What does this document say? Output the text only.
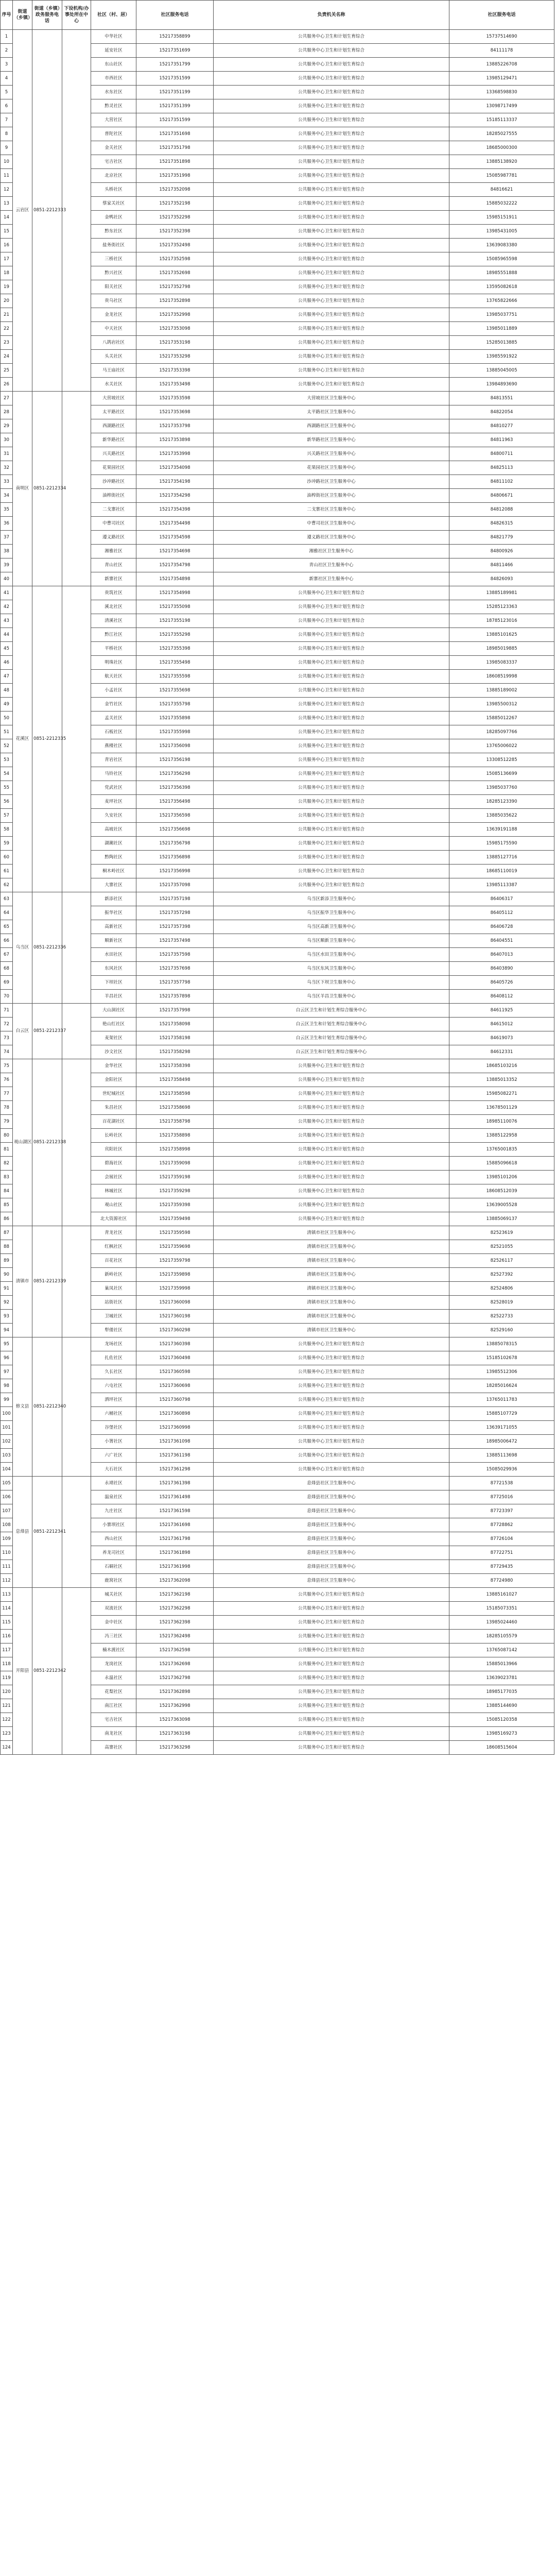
序号	街道（乡镇）	街道（乡镇）政务服务电话	下设机构/办事处所在中心	社区（村、居）	社区服务电话	负责机关名称	社区服务电话
1	云岩区	0851-2212333		中华社区	15217358899	公共服务中心卫生和计划生育综合	15737514690
2				延安社区	15217351699	公共服务中心卫生和计划生育综合	84111178
3				东山社区	15217351799	公共服务中心卫生和计划生育综合	13885226708
4				市西社区	15217351599	公共服务中心卫生和计划生育综合	13985129471
5				水东社区	15217351199	公共服务中心卫生和计划生育综合	13368598830
6				黔灵社区	15217351399	公共服务中心卫生和计划生育综合	13098717499
7				大营社区	15217351599	公共服务中心卫生和计划生育综合	15185113337
8				普陀社区	15217351698	公共服务中心卫生和计划生育综合	18285027555
9				金关社区	15217351798	公共服务中心卫生和计划生育综合	18685000300
10				宅吉社区	15217351898	公共服务中心卫生和计划生育综合	13885138920
11				北京社区	15217351998	公共服务中心卫生和计划生育综合	15085987781
12				头桥社区	15217352098	公共服务中心卫生和计划生育综合	84816621
13				蔡家关社区	15217352198	公共服务中心卫生和计划生育综合	15885032222
14				金鸭社区	15217352298	公共服务中心卫生和计划生育综合	15985151911
15				黔东社区	15217352398	公共服务中心卫生和计划生育综合	13985431005
16				盐务街社区	15217352498	公共服务中心卫生和计划生育综合	13639083380
17				三桥社区	15217352598	公共服务中心卫生和计划生育综合	15085965598
18				黔兴社区	15217352698	公共服务中心卫生和计划生育综合	18985551888
19				阳关社区	15217352798	公共服务中心卫生和计划生育综合	13595082618
20				贵乌社区	15217352898	公共服务中心卫生和计划生育综合	13765822666
21				金龙社区	15217352998	公共服务中心卫生和计划生育综合	13985037751
22				中天社区	15217353098	公共服务中心卫生和计划生育综合	13985011889
23				八鸽岩社区	15217353198	公共服务中心卫生和计划生育综合	15285013885
24				头关社区	15217353298	公共服务中心卫生和计划生育综合	13985591922
25				马王庙社区	15217353398	公共服务中心卫生和计划生育综合	13885045005
26				水关社区	15217353498	公共服务中心卫生和计划生育综合	13984893690
27	南明区	0851-2212334		大营坡社区	15217353598	大营坡社区卫生服务中心	84813551
28				太平路社区	15217353698	太平路社区卫生服务中心	84822054
29				西湖路社区	15217353798	西湖路社区卫生服务中心	84810277
30				新华路社区	15217353898	新华路社区卫生服务中心	84811963
31				兴关路社区	15217353998	兴关路社区卫生服务中心	84800711
32				花果园社区	15217354098	花果园社区卫生服务中心	84825113
33				沙冲路社区	15217354198	沙冲路社区卫生服务中心	84811102
34				油榨街社区	15217354298	油榨街社区卫生服务中心	84806671
35				二戈寨社区	15217354398	二戈寨社区卫生服务中心	84812088
36				中曹司社区	15217354498	中曹司社区卫生服务中心	84826315
37				遵义路社区	15217354598	遵义路社区卫生服务中心	84821779
38				湘雅社区	15217354698	湘雅社区卫生服务中心	84800926
39				青山社区	15217354798	青山社区卫生服务中心	84811466
40				新寨社区	15217354898	新寨社区卫生服务中心	84826093
41	花溪区	0851-2212335		贵筑社区	15217354998	公共服务中心卫生和计划生育综合	13885189981
42				溪北社区	15217355098	公共服务中心卫生和计划生育综合	15285123363
43				清溪社区	15217355198	公共服务中心卫生和计划生育综合	18785123016
44				黔江社区	15217355298	公共服务中心卫生和计划生育综合	13885101625
45				平桥社区	15217355398	公共服务中心卫生和计划生育综合	18985019885
46				明珠社区	15217355498	公共服务中心卫生和计划生育综合	13985083337
47				航天社区	15217355598	公共服务中心卫生和计划生育综合	18608519998
48				小孟社区	15217355698	公共服务中心卫生和计划生育综合	13885189002
49				金竹社区	15217355798	公共服务中心卫生和计划生育综合	13985500312
50				孟关社区	15217355898	公共服务中心卫生和计划生育综合	15885012267
51				石板社区	15217355998	公共服务中心卫生和计划生育综合	18285097766
52				燕楼社区	15217356098	公共服务中心卫生和计划生育综合	13765006022
53				青岩社区	15217356198	公共服务中心卫生和计划生育综合	13308512285
54				马铃社区	15217356298	公共服务中心卫生和计划生育综合	15085136699
55				党武社区	15217356398	公共服务中心卫生和计划生育综合	13985037760
56				麦坪社区	15217356498	公共服务中心卫生和计划生育综合	18285123390
57				久安社区	15217356598	公共服务中心卫生和计划生育综合	13885035622
58				高坡社区	15217356698	公共服务中心卫生和计划生育综合	13639191188
59				湖潮社区	15217356798	公共服务中心卫生和计划生育综合	15985175590
60				黔陶社区	15217356898	公共服务中心卫生和计划生育综合	13885127716
61				桐木岭社区	15217356998	公共服务中心卫生和计划生育综合	18685110019
62				大寨社区	15217357098	公共服务中心卫生和计划生育综合	13985113387
63	乌当区	0851-2212336		新添社区	15217357198	乌当区新添卫生服务中心	86406317
64				振华社区	15217357298	乌当区振华卫生服务中心	86405112
65				高新社区	15217357398	乌当区高新卫生服务中心	86406728
66				顺新社区	15217357498	乌当区顺新卫生服务中心	86404551
67				水田社区	15217357598	乌当区水田卫生服务中心	86407013
68				东风社区	15217357698	乌当区东风卫生服务中心	86403890
69				下坝社区	15217357798	乌当区下坝卫生服务中心	86405726
70				羊昌社区	15217357898	乌当区羊昌卫生服务中心	86408112
71	白云区	0851-2212337		大山洞社区	15217357998	白云区卫生和计划生育综合服务中心	84611925
72				艳山红社区	15217358098	白云区卫生和计划生育综合服务中心	84615012
73				麦架社区	15217358198	白云区卫生和计划生育综合服务中心	84619073
74				沙文社区	15217358298	白云区卫生和计划生育综合服务中心	84612331
75	观山湖区	0851-2212338		金华社区	15217358398	公共服务中心卫生和计划生育综合	18685103216
76				金阳社区	15217358498	公共服务中心卫生和计划生育综合	13885013352
77				世纪城社区	15217358598	公共服务中心卫生和计划生育综合	15985082271
78				朱昌社区	15217358698	公共服务中心卫生和计划生育综合	13678501129
79				百花湖社区	15217358798	公共服务中心卫生和计划生育综合	18985110076
80				长岭社区	15217358898	公共服务中心卫生和计划生育综合	13885122958
81				宾阳社区	15217358998	公共服务中心卫生和计划生育综合	13765001835
82				碧海社区	15217359098	公共服务中心卫生和计划生育综合	15885096618
83				会展社区	15217359198	公共服务中心卫生和计划生育综合	13985101206
84				林城社区	15217359298	公共服务中心卫生和计划生育综合	18608512039
85				观山社区	15217359398	公共服务中心卫生和计划生育综合	13639005528
86				北大资源社区	15217359498	公共服务中心卫生和计划生育综合	13885069137
87	清镇市	0851-2212339		青龙社区	15217359598	清镇市社区卫生服务中心	82523619
88				红枫社区	15217359698	清镇市社区卫生服务中心	82521055
89				百花社区	15217359798	清镇市社区卫生服务中心	82526117
90				新岭社区	15217359898	清镇市社区卫生服务中心	82527392
91				巢凤社区	15217359998	清镇市社区卫生服务中心	82524806
92				站街社区	15217360098	清镇市社区卫生服务中心	82528019
93				卫城社区	15217360198	清镇市社区卫生服务中心	82522733
94				犁倭社区	15217360298	清镇市社区卫生服务中心	82529160
95	修文县	0851-2212340		龙场社区	15217360398	公共服务中心卫生和计划生育综合	13885078315
96				扎佐社区	15217360498	公共服务中心卫生和计划生育综合	15185102678
97				久长社区	15217360598	公共服务中心卫生和计划生育综合	13985512306
98				六屯社区	15217360698	公共服务中心卫生和计划生育综合	18285016624
99				洒坪社区	15217360798	公共服务中心卫生和计划生育综合	13765011783
100				六桶社区	15217360898	公共服务中心卫生和计划生育综合	15885107729
101				谷堡社区	15217360998	公共服务中心卫生和计划生育综合	13639171055
102				小箐社区	15217361098	公共服务中心卫生和计划生育综合	18985006472
103				六广社区	15217361198	公共服务中心卫生和计划生育综合	13885113698
104				大石社区	15217361298	公共服务中心卫生和计划生育综合	15085029936
105	息烽县	0851-2212341		永靖社区	15217361398	息烽县社区卫生服务中心	87721538
106				温泉社区	15217361498	息烽县社区卫生服务中心	87725016
107				九庄社区	15217361598	息烽县社区卫生服务中心	87723397
108				小寨坝社区	15217361698	息烽县社区卫生服务中心	87728862
109				西山社区	15217361798	息烽县社区卫生服务中心	87726104
110				养龙司社区	15217361898	息烽县社区卫生服务中心	87722751
111				石硐社区	15217361998	息烽县社区卫生服务中心	87729435
112				鹿窝社区	15217362098	息烽县社区卫生服务中心	87724980
113	开阳县	0851-2212342		城关社区	15217362198	公共服务中心卫生和计划生育综合	13885161027
114				双流社区	15217362298	公共服务中心卫生和计划生育综合	15185073351
115				金中社区	15217362398	公共服务中心卫生和计划生育综合	13985024460
116				冯三社区	15217362498	公共服务中心卫生和计划生育综合	18285105579
117				楠木渡社区	15217362598	公共服务中心卫生和计划生育综合	13765087142
118				龙岗社区	15217362698	公共服务中心卫生和计划生育综合	15885013966
119				永温社区	15217362798	公共服务中心卫生和计划生育综合	13639023781
120				花梨社区	15217362898	公共服务中心卫生和计划生育综合	18985177035
121				南江社区	15217362998	公共服务中心卫生和计划生育综合	13885144690
122				宅吉社区	15217363098	公共服务中心卫生和计划生育综合	15085120358
123				南龙社区	15217363198	公共服务中心卫生和计划生育综合	13985169273
124				高寨社区	15217363298	公共服务中心卫生和计划生育综合	18608515604
